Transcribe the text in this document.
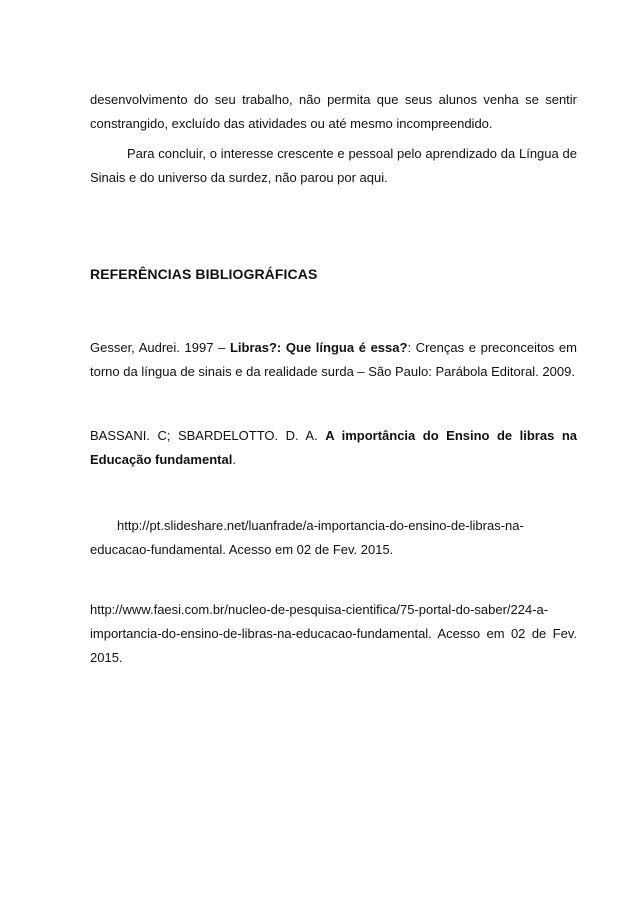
desenvolvimento do seu trabalho, não permita que seus alunos venha se sentir constrangido, excluído das atividades ou até mesmo incompreendido.

Para concluir, o interesse crescente e pessoal pelo aprendizado da Língua de Sinais e do universo da surdez, não parou por aqui.

REFERÊNCIAS BIBLIOGRÁFICAS

Gesser, Audrei. 1997 – Libras?: Que língua é essa?: Crenças e preconceitos em torno da língua de sinais e da realidade surda – São Paulo: Parábola Editoral. 2009.

BASSANI. C; SBARDELOTTO. D. A. A importância do Ensino de libras na Educação fundamental.

http://pt.slideshare.net/luanfrade/a-importancia-do-ensino-de-libras-na-educacao-fundamental. Acesso em 02 de Fev. 2015.

http://www.faesi.com.br/nucleo-de-pesquisa-cientifica/75-portal-do-saber/224-a-importancia-do-ensino-de-libras-na-educacao-fundamental. Acesso em 02 de Fev. 2015.
